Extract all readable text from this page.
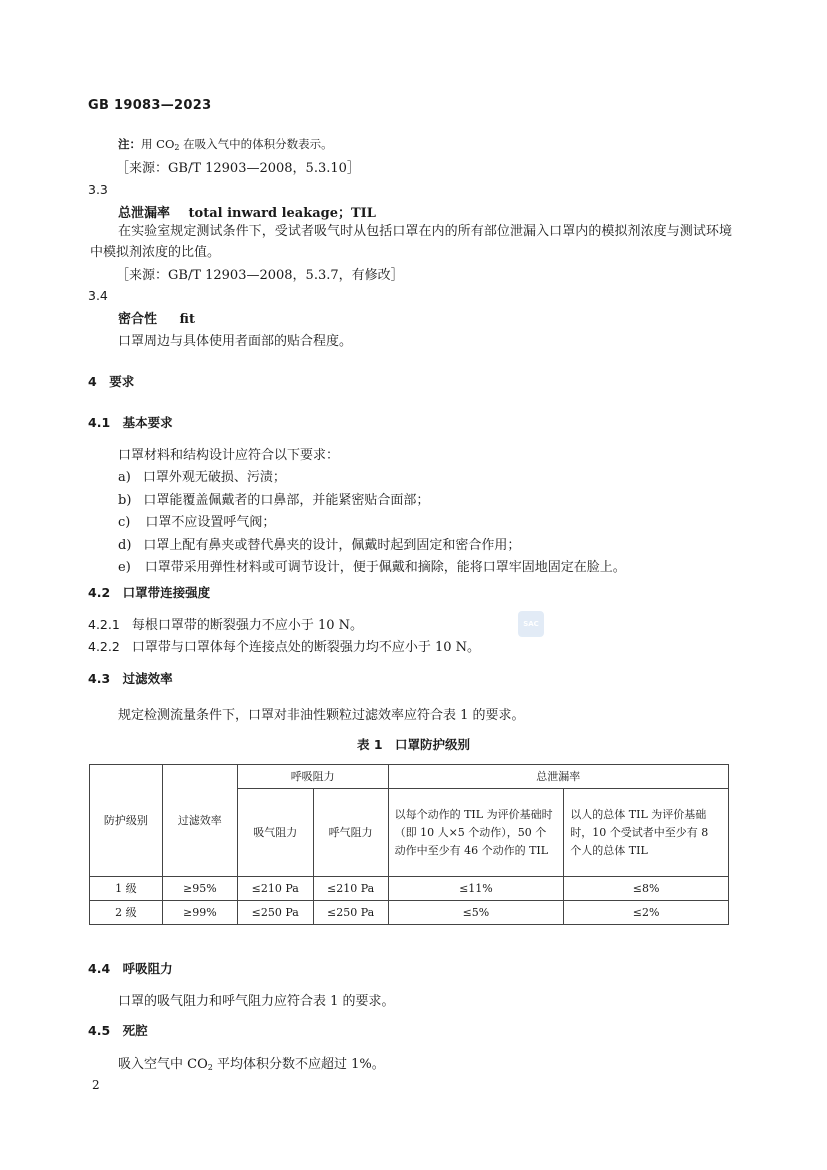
GB 19083—2023
注：用 $CO_2$ 在吸入气中的体积分数表示。
［来源：GB/T 12903—2008，5.3.10］
3.3
总泄漏率 total inward leakage；TIL
在实验室规定测试条件下，受试者吸气时从包括口罩在内的所有部位泄漏入口罩内的模拟剂浓度与测试环境中模拟剂浓度的比值。
［来源：GB/T 12903—2008，5.3.7，有修改］
3.4
密合性 fit
口罩周边与具体使用者面部的贴合程度。
4　要求
4.1　基本要求
口罩材料和结构设计应符合以下要求：
a) 口罩外观无破损、污渍；
b) 口罩能覆盖佩戴者的口鼻部，并能紧密贴合面部；
c) 口罩不应设置呼气阀；
d) 口罩上配有鼻夹或替代鼻夹的设计，佩戴时起到固定和密合作用；
e) 口罩带采用弹性材料或可调节设计，便于佩戴和摘除，能将口罩牢固地固定在脸上。
4.2　口罩带连接强度
4.2.1 每根口罩带的断裂强力不应小于 10 N。
4.2.2 口罩带与口罩体每个连接点处的断裂强力均不应小于 10 N。
SAC
4.3　过滤效率
规定检测流量条件下，口罩对非油性颗粒过滤效率应符合表 1 的要求。
表 1　口罩防护级别
防护级别	过滤效率	呼吸阻力		总泄漏率	
		吸气阻力	呼气阻力	以每个动作的 TIL 为评价基础时（即 10 人×5 个动作），50 个动作中至少有 46 个动作的 TIL	以人的总体 TIL 为评价基础时，10 个受试者中至少有 8 个人的总体 TIL
1 级	≥95%	≤210 Pa	≤210 Pa	≤11%	≤8%
2 级	≥99%	≤250 Pa	≤250 Pa	≤5%	≤2%
4.4　呼吸阻力
口罩的吸气阻力和呼气阻力应符合表 1 的要求。
4.5　死腔
吸入空气中 $CO_2$ 平均体积分数不应超过 1%。
2
